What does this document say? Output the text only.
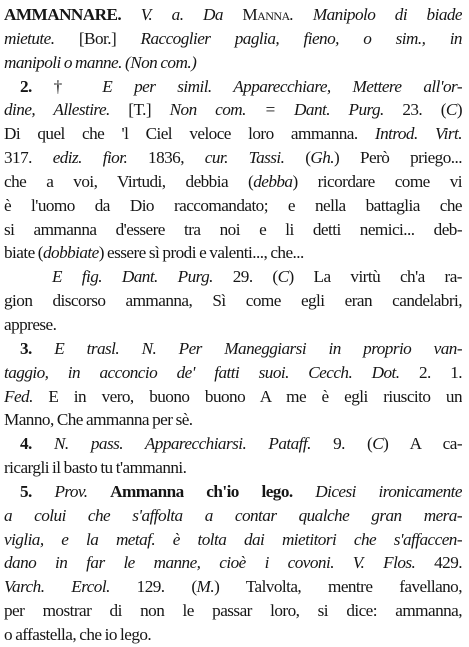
AMMANNARE. V. a. Da Manna. Manipolo di biade
mietute. [Bor.] Raccoglier paglia, fieno, o sim., in
manipoli o manne. (Non com.)
2. † E per simil. Apparecchiare, Mettere all'or-
dine, Allestire. [T.] Non com. = Dant. Purg. 23. (C)
Di quel che 'l Ciel veloce loro ammanna. Introd. Virt.
317. ediz. fior. 1836, cur. Tassi. (Gh.) Però priego...
che a voi, Virtudi, debbia (debba) ricordare come vi
è l'uomo da Dio raccomandato; e nella battaglia che
si ammanna d'essere tra noi e li detti nemici... deb-
biate (dobbiate) essere sì prodi e valenti..., che...
E fig. Dant. Purg. 29. (C) La virtù ch'a ra-
gion discorso ammanna, Sì come egli eran candelabri,
apprese.
3. E trasl. N. Per Maneggiarsi in proprio van-
taggio, in acconcio de' fatti suoi. Cecch. Dot. 2. 1.
Fed. E in vero, buono buono A me è egli riuscito un
Manno, Che ammanna per sè.
4. N. pass. Apparecchiarsi. Pataff. 9. (C) A ca-
ricargli il basto tu t'ammanni.
5. Prov. Ammanna ch'io lego. Dicesi ironicamente
a colui che s'affolta a contar qualche gran mera-
viglia, e la metaf. è tolta dai mietitori che s'affaccen-
dano in far le manne, cioè i covoni. V. Flos. 429.
Varch. Ercol. 129. (M.) Talvolta, mentre favellano,
per mostrar di non le passar loro, si dice: ammanna,
o affastella, che io lego.
